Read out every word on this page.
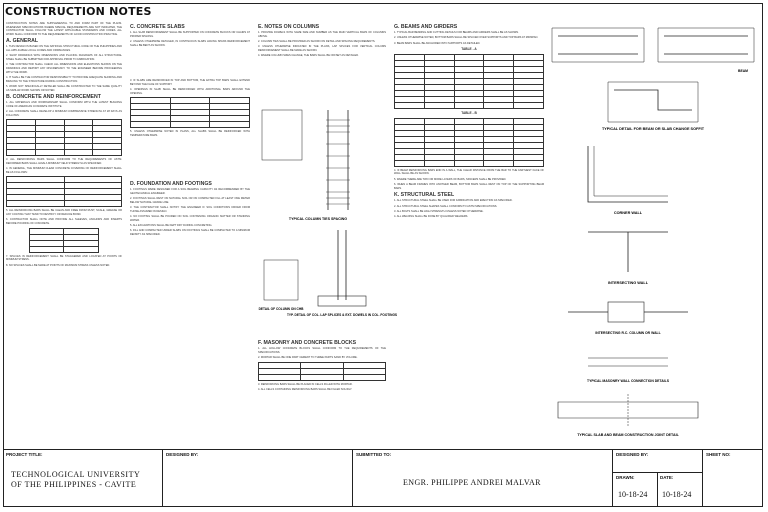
CONSTRUCTION NOTES
CONSTRUCTION NOTES ARE SUPPLEMENTAL TO AND FORM PART OF THE PLANS. WHENEVER SPECIFICATIONS WHERE SPECIAL REQUIREMENTS ARE NOT INDICATED, THE CONTRACTOR SHALL FOLLOW THE LATEST APPLICABLE STANDARDS AND CODES. ALL WORK SHALL CONFORM TO THE REQUIREMENTS OF GOOD CONSTRUCTION PRACTICE.
A. GENERAL
1. THIS DESIGN IS BASED ON THE NATIONAL STRUCTURAL CODE OF THE PHILIPPINES AND ALL APPLICABLE LOCAL CODES AND ORDINANCES.
2. SHOP DRAWINGS WITH DIMENSIONS AND PLACING DIAGRAMS OF ALL STRUCTURAL STEEL SHALL BE SUBMITTED FOR APPROVAL PRIOR TO FABRICATION.
3. THE CONTRACTOR SHALL CHECK ALL DIMENSIONS AND ELEVATIONS SHOWN ON THE DRAWINGS AND REPORT ANY DISCREPANCY TO THE ENGINEER BEFORE PROCEEDING WITH THE WORK.
4. IT SHALL BE THE CONTRACTOR RESPONSIBILITY TO PROVIDE ADEQUATE SHORING AND BRACING TO THE STRUCTURE DURING CONSTRUCTION.
5. WORK NOT SPECIFICALLY DETAILED SHALL BE CONSTRUCTED TO THE SAME QUALITY AS SIMILAR WORK SHOWN OR NOTED.
B. CONCRETE AND REINFORCEMENT
1. ALL MATERIALS AND WORKMANSHIP SHALL CONFORM WITH THE LATEST BUILDING CODE OF AMERICAN CONCRETE INSTITUTE.
2. ALL CONCRETE SHALL DEVELOP A MINIMUM COMPRESSIVE STRENGTH AT 28 DAYS AS FOLLOWS:

3. ALL REINFORCING BARS SHALL CONFORM TO THE REQUIREMENTS OF ASTM. DEFORMED BARS SHALL HAVE A MINIMUM YIELD STRENGTH AS SPECIFIED.
4. IN GENERAL, THE MINIMUM CLEAR CONCRETE COVERING OF REINFORCEMENT SHALL BE AS FOLLOWS:

5. ALL REINFORCING BARS SHALL BE CLEAN AND FREE FROM RUST, SCALE, GREASE OR ANY COATING THAT TEND TO DESTROY OR REDUCE BOND.
6. CONTRACTOR SHALL NOTE AND PROVIDE ALL SLEEVES, ANCHORS AND INSERTS BEFORE POURING OF CONCRETE.

7. SPLICES IN REINFORCEMENT SHALL BE STAGGERED AND LOCATED AT POINTS OF MINIMUM STRESS.
8. NO SPLICES SHALL BE MADE AT POINTS OF MAXIMUM STRESS UNLESS NOTED.
C. CONCRETE SLABS
1. ALL SLAB REINFORCEMENT SHALL BE SUPPORTED ON CONCRETE BLOCKS OR CHAIRS AT PROPER SPACING.
2. UNLESS OTHERWISE DETAILED, IN CONTINUOUS SLABS HAVING SPANS REINFORCEMENT SHALL BE BENT AS SHOWN.
3. IF SLABS ARE REINFORCED IN TOP AND BOTTOM, THE EXTRA TOP BARS SHALL EXTEND BEYOND THE FACE OF SUPPORT.
4. OPENINGS IN SLAB SHALL BE REINFORCED WITH ADDITIONAL BARS AROUND THE OPENING.

5. UNLESS OTHERWISE NOTED IN PLANS, ALL SLABS SHALL BE REINFORCED WITH TEMPERATURE BARS.
D. FOUNDATION AND FOOTINGS
1. FOOTINGS WERE DESIGNED FOR A SOIL BEARING CAPACITY AS RECOMMENDED BY THE GEOTECHNICAL ENGINEER.
2. FOOTINGS SHALL REST ON NATURAL SOIL OR ON COMPACTED FILL AT LEAST ONE METER BELOW NATURAL GRADE LINE.
3. THE CONTRACTOR SHALL NOTIFY THE ENGINEER IF SOIL CONDITIONS DIFFER FROM THOSE ASSUMED IN DESIGN.
4. NO FOOTING SHALL BE POURED ON SOIL CONTAINING ORGANIC MATTER OR STANDING WATER.
5. ALL EXCAVATIONS SHALL BE KEPT DRY DURING CONCRETING.
6. FILL AND COMPACTED UNDER SLABS ON FOOTINGS SHALL BE COMPACTED TO A MINIMUM DENSITY AS SPECIFIED.
E. NOTES ON COLUMNS
1. PROVIDE DOWELS WITH SAME SIZE AND NUMBER AS THE MAIN VERTICAL BARS OF COLUMNS ABOVE.
2. COLUMN TIES SHALL BE PROVIDED AS SHOWN ON DETAIL AND SPACING REQUIREMENTS.
3. UNLESS OTHERWISE INDICATED IN THE PLANS, LAP SPLICES FOR VERTICAL COLUMN REINFORCEMENT SHALL BE MADE AS SHOWN.
4. WHERE COLUMN SIZES CHANGE, THE BARS SHALL BE OFFSET AS DETAILED.
TYPICAL COLUMN TIES SPACING
TYP. DETAIL OF COL. LAP SPLICES & EXT. DOWELS IN COL. FOOTINGS
DETAIL OF COLUMN ON CHB
F. MASONRY AND CONCRETE BLOCKS
1. ALL HOLLOW CONCRETE BLOCKS SHALL CONFORM TO THE REQUIREMENTS OF THE SPECIFICATIONS.
2. MORTAR SHALL BE ONE PART CEMENT TO THREE PARTS SAND BY VOLUME.

3. REINFORCING BARS SHALL BE PLACED IN CELLS FILLED WITH MORTAR.
4. ALL CELLS CONTAINING REINFORCING BARS SHALL BE FILLED SOLIDLY.
G. BEAMS AND GIRDERS
1. TYPICAL BAR BENDING AND CUTTING DETAILS FOR BEAMS AND GIRDERS SHALL BE AS SHOWN.
2. UNLESS OTHERWISE NOTED, BOTTOM BARS SHALL BE SPLICED OVER SUPPORTS AND TOP BARS AT MIDSPAN.
3. BEAM BARS SHALL BE ANCHORED INTO SUPPORTS AS DETAILED.
TABLE - A

TABLE - B

4. IF BEAM REINFORCING BARS END IN A WALL, THE CLEAR DISTANCE FROM THE BAR TO THE FARTHEST FACE OF WALL SHALL BE AS SHOWN.
5. WHERE THERE ARE TWO OR MORE LAYERS OF BARS, SPACERS SHALL BE PROVIDED.
6. WHEN A BEAM FRAMES INTO ANOTHER BEAM, BOTTOM BARS SHALL REST ON TOP OF THE SUPPORTING BEAM BARS.
K. STRUCTURAL STEEL
1. ALL STRUCTURAL STEEL SHALL BE USED FOR FABRICATION AND ERECTION AS SPECIFIED.
2. ALL STRUCTURAL STEEL SHAPES SHALL CONFORM TO ASTM SPECIFICATIONS.
3. ALL BOLTS SHALL BE HIGH STRENGTH UNLESS NOTED OTHERWISE.
4. ALL WELDING SHALL BE DONE BY QUALIFIED WELDERS.
BEAM
TYPICAL DETAIL FOR BEAM OR SLAB CHANGE SOFFIT
CORNER WALL
INTERSECTING WALL
INTERSECTING R.C. COLUMN OR WALL
TYPICAL MASONRY WALL CONNECTION DETAILS
TYPICAL SLAB AND BEAM CONSTRUCTION JOINT DETAIL
PROJECT TITLE:
TECHNOLOGICAL UNIVERSITY
OF THE PHILIPPINES - CAVITE
DESIGNED BY:	SUBMITTED TO:
ENGR. PHILIPPE ANDREI MALVAR
DESIGNED BY:
DRAWN:	DATE:
10-18-24 10-18-24
SHEET NO:
